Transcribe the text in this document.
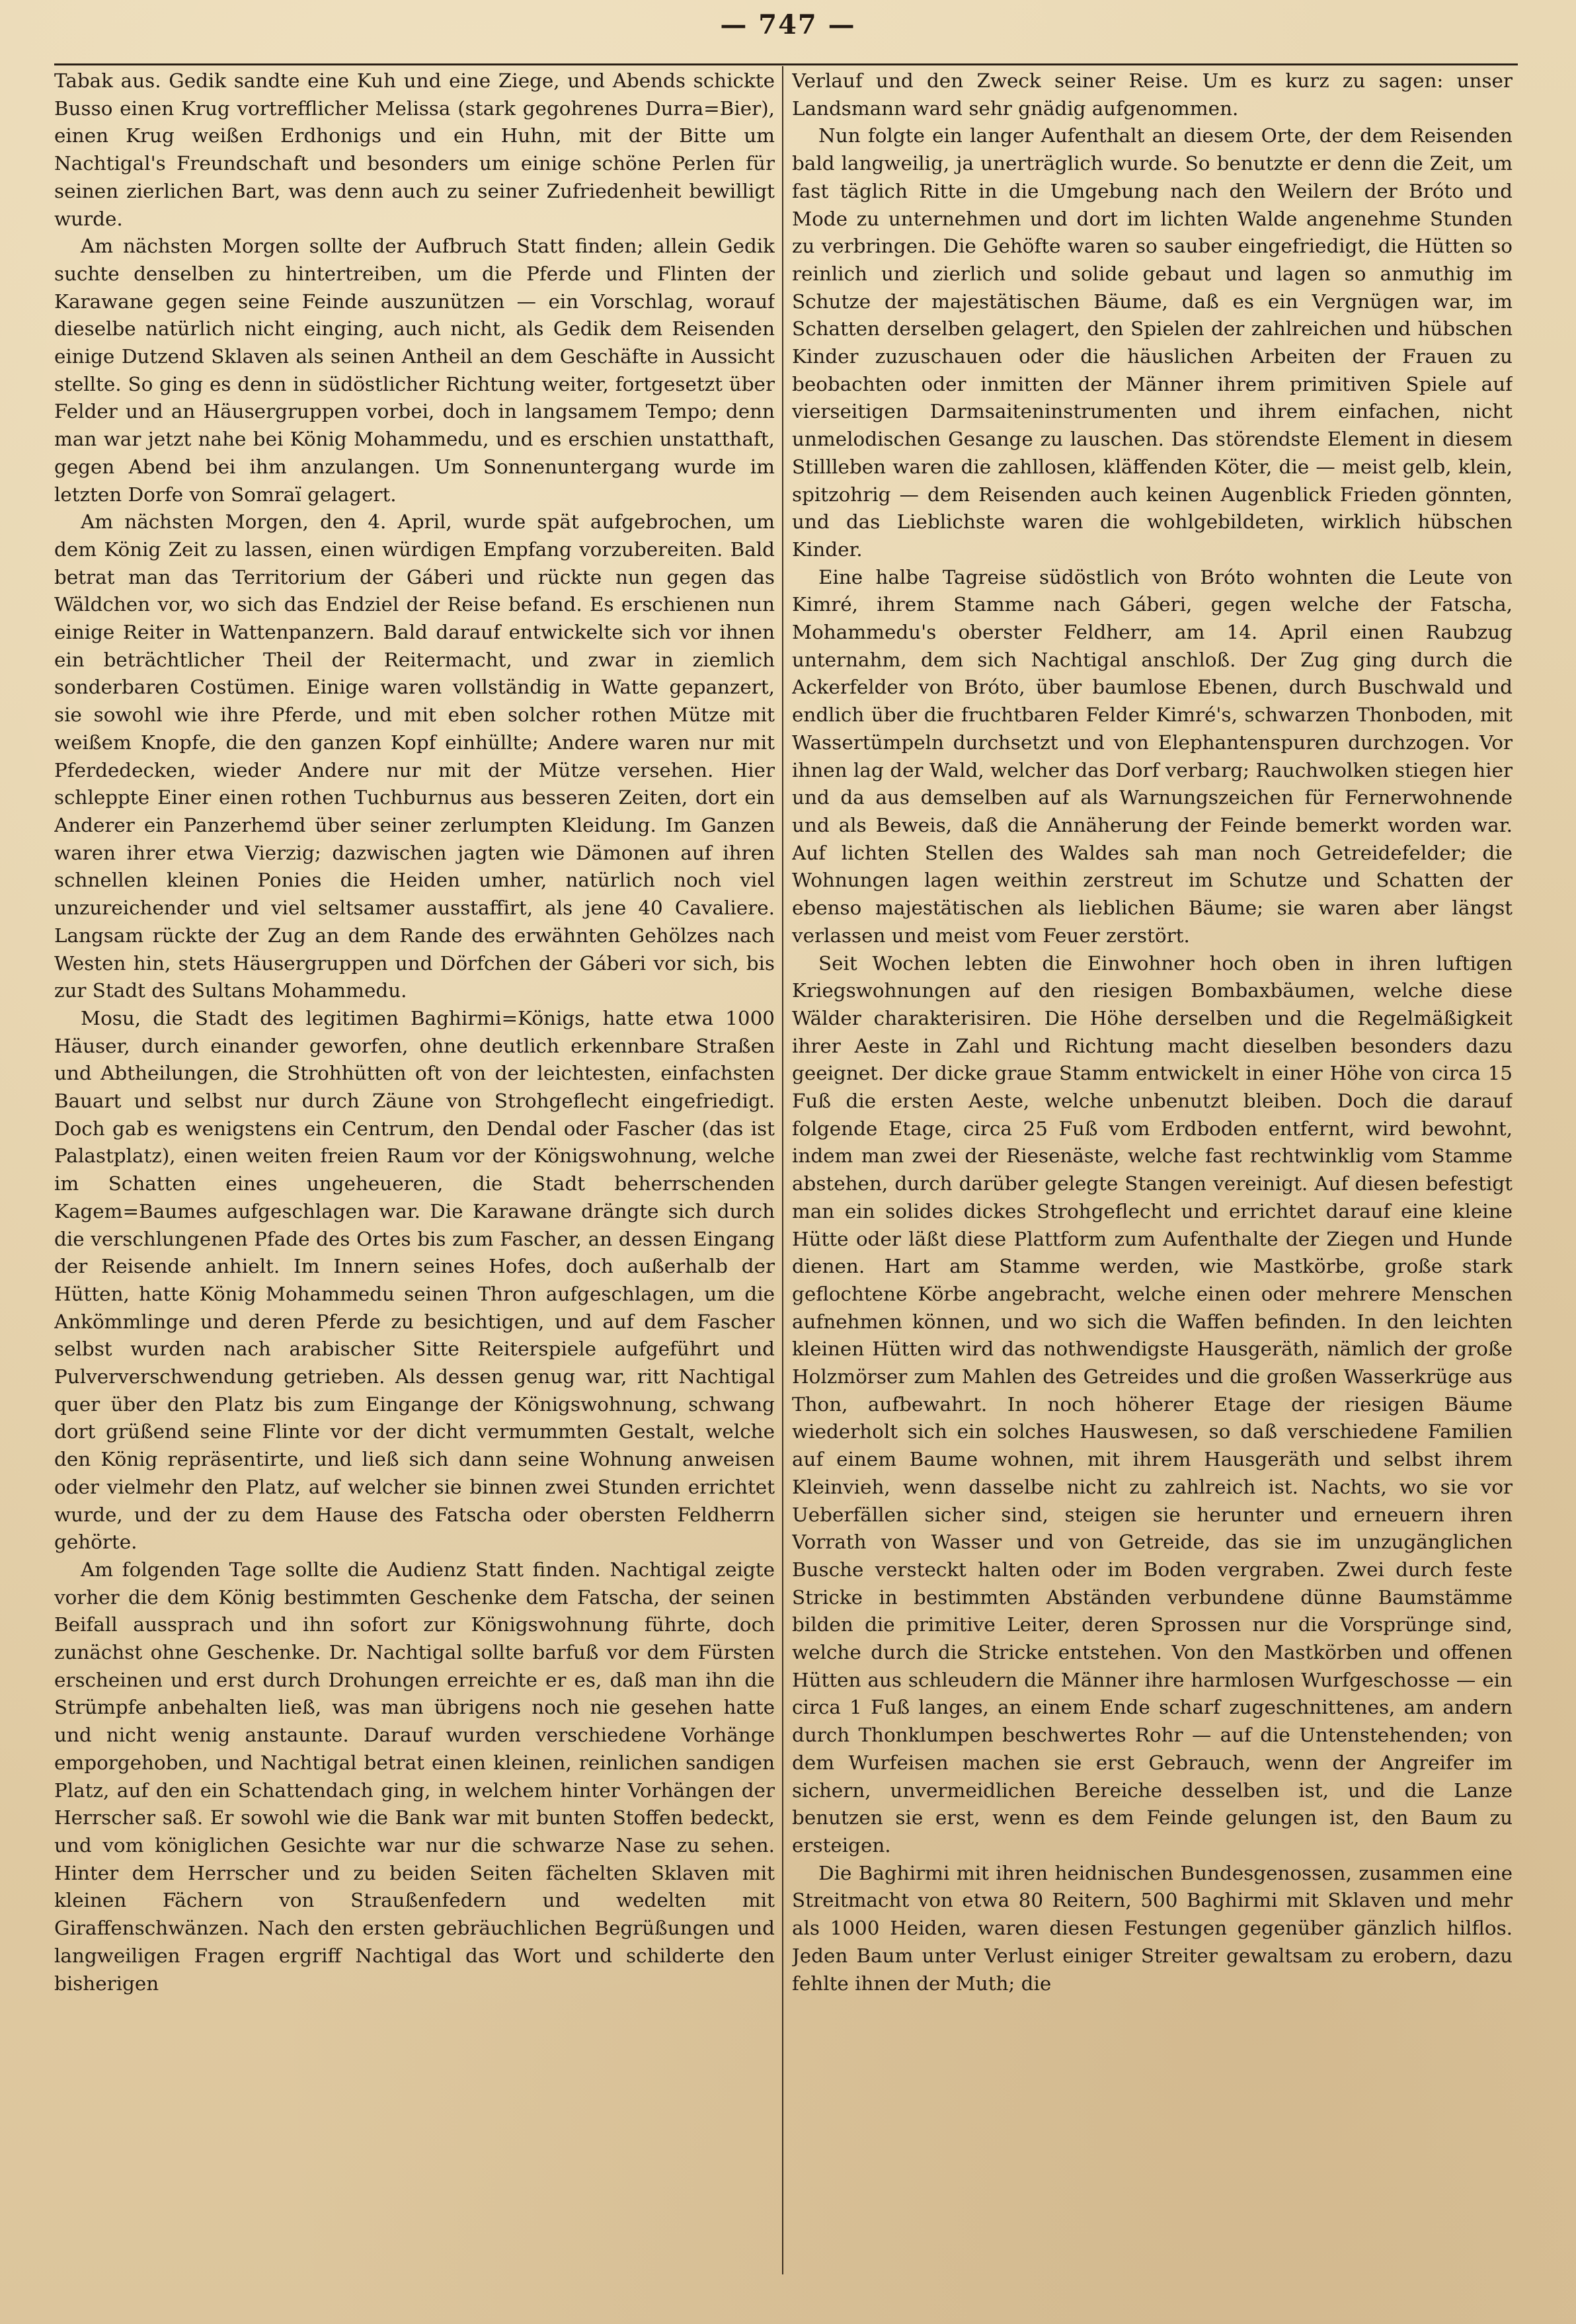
— 747 —

Tabak aus. Gedik sandte eine Kuh und eine Ziege, und Abends schickte Busso einen Krug vortrefflicher Melissa (stark gegohrenes Durra=Bier), einen Krug weißen Erdhonigs und ein Huhn, mit der Bitte um Nachtigal's Freundschaft und besonders um einige schöne Perlen für seinen zierlichen Bart, was denn auch zu seiner Zufriedenheit bewilligt wurde.

Am nächsten Morgen sollte der Aufbruch Statt finden; allein Gedik suchte denselben zu hintertreiben, um die Pferde und Flinten der Karawane gegen seine Feinde auszunützen — ein Vorschlag, worauf dieselbe natürlich nicht einging, auch nicht, als Gedik dem Reisenden einige Dutzend Sklaven als seinen Antheil an dem Geschäfte in Aussicht stellte. So ging es denn in südöstlicher Richtung weiter, fortgesetzt über Felder und an Häusergruppen vorbei, doch in langsamem Tempo; denn man war jetzt nahe bei König Mohammedu, und es erschien unstatthaft, gegen Abend bei ihm anzulangen. Um Sonnenuntergang wurde im letzten Dorfe von Somraï gelagert.

Am nächsten Morgen, den 4. April, wurde spät aufgebrochen, um dem König Zeit zu lassen, einen würdigen Empfang vorzubereiten. Bald betrat man das Territorium der Gáberi und rückte nun gegen das Wäldchen vor, wo sich das Endziel der Reise befand. Es erschienen nun einige Reiter in Wattenpanzern. Bald darauf entwickelte sich vor ihnen ein beträchtlicher Theil der Reitermacht, und zwar in ziemlich sonderbaren Costümen. Einige waren vollständig in Watte gepanzert, sie sowohl wie ihre Pferde, und mit eben solcher rothen Mütze mit weißem Knopfe, die den ganzen Kopf einhüllte; Andere waren nur mit Pferdedecken, wieder Andere nur mit der Mütze versehen. Hier schleppte Einer einen rothen Tuchburnus aus besseren Zeiten, dort ein Anderer ein Panzerhemd über seiner zerlumpten Kleidung. Im Ganzen waren ihrer etwa Vierzig; dazwischen jagten wie Dämonen auf ihren schnellen kleinen Ponies die Heiden umher, natürlich noch viel unzureichender und viel seltsamer ausstaffirt, als jene 40 Cavaliere. Langsam rückte der Zug an dem Rande des erwähnten Gehölzes nach Westen hin, stets Häusergruppen und Dörfchen der Gáberi vor sich, bis zur Stadt des Sultans Mohammedu.

Mosu, die Stadt des legitimen Baghirmi=Königs, hatte etwa 1000 Häuser, durch einander geworfen, ohne deutlich erkennbare Straßen und Abtheilungen, die Strohhütten oft von der leichtesten, einfachsten Bauart und selbst nur durch Zäune von Strohgeflecht eingefriedigt. Doch gab es wenigstens ein Centrum, den Dendal oder Fascher (das ist Palastplatz), einen weiten freien Raum vor der Königswohnung, welche im Schatten eines ungeheueren, die Stadt beherrschenden Kagem=Baumes aufgeschlagen war. Die Karawane drängte sich durch die verschlungenen Pfade des Ortes bis zum Fascher, an dessen Eingang der Reisende anhielt. Im Innern seines Hofes, doch außerhalb der Hütten, hatte König Mohammedu seinen Thron aufgeschlagen, um die Ankömmlinge und deren Pferde zu besichtigen, und auf dem Fascher selbst wurden nach arabischer Sitte Reiterspiele aufgeführt und Pulververschwendung getrieben. Als dessen genug war, ritt Nachtigal quer über den Platz bis zum Eingange der Königswohnung, schwang dort grüßend seine Flinte vor der dicht vermummten Gestalt, welche den König repräsentirte, und ließ sich dann seine Wohnung anweisen oder vielmehr den Platz, auf welcher sie binnen zwei Stunden errichtet wurde, und der zu dem Hause des Fatscha oder obersten Feldherrn gehörte.

Am folgenden Tage sollte die Audienz Statt finden. Nachtigal zeigte vorher die dem König bestimmten Geschenke dem Fatscha, der seinen Beifall aussprach und ihn sofort zur Königswohnung führte, doch zunächst ohne Geschenke. Dr. Nachtigal sollte barfuß vor dem Fürsten erscheinen und erst durch Drohungen erreichte er es, daß man ihn die Strümpfe anbehalten ließ, was man übrigens noch nie gesehen hatte und nicht wenig anstaunte. Darauf wurden verschiedene Vorhänge emporgehoben, und Nachtigal betrat einen kleinen, reinlichen sandigen Platz, auf den ein Schattendach ging, in welchem hinter Vorhängen der Herrscher saß. Er sowohl wie die Bank war mit bunten Stoffen bedeckt, und vom königlichen Gesichte war nur die schwarze Nase zu sehen. Hinter dem Herrscher und zu beiden Seiten fächelten Sklaven mit kleinen Fächern von Straußenfedern und wedelten mit Giraffenschwänzen. Nach den ersten gebräuchlichen Begrüßungen und langweiligen Fragen ergriff Nachtigal das Wort und schilderte den bisherigen

Verlauf und den Zweck seiner Reise. Um es kurz zu sagen: unser Landsmann ward sehr gnädig aufgenommen.

Nun folgte ein langer Aufenthalt an diesem Orte, der dem Reisenden bald langweilig, ja unerträglich wurde. So benutzte er denn die Zeit, um fast täglich Ritte in die Umgebung nach den Weilern der Bróto und Mode zu unternehmen und dort im lichten Walde angenehme Stunden zu verbringen. Die Gehöfte waren so sauber eingefriedigt, die Hütten so reinlich und zierlich und solide gebaut und lagen so anmuthig im Schutze der majestätischen Bäume, daß es ein Vergnügen war, im Schatten derselben gelagert, den Spielen der zahlreichen und hübschen Kinder zuzuschauen oder die häuslichen Arbeiten der Frauen zu beobachten oder inmitten der Männer ihrem primitiven Spiele auf vierseitigen Darmsaiteninstrumenten und ihrem einfachen, nicht unmelodischen Gesange zu lauschen. Das störendste Element in diesem Stillleben waren die zahllosen, kläffenden Köter, die — meist gelb, klein, spitzohrig — dem Reisenden auch keinen Augenblick Frieden gönnten, und das Lieblichste waren die wohlgebildeten, wirklich hübschen Kinder.

Eine halbe Tagreise südöstlich von Bróto wohnten die Leute von Kimré, ihrem Stamme nach Gáberi, gegen welche der Fatscha, Mohammedu's oberster Feldherr, am 14. April einen Raubzug unternahm, dem sich Nachtigal anschloß. Der Zug ging durch die Ackerfelder von Bróto, über baumlose Ebenen, durch Buschwald und endlich über die fruchtbaren Felder Kimré's, schwarzen Thonboden, mit Wassertümpeln durchsetzt und von Elephantenspuren durchzogen. Vor ihnen lag der Wald, welcher das Dorf verbarg; Rauchwolken stiegen hier und da aus demselben auf als Warnungszeichen für Fernerwohnende und als Beweis, daß die Annäherung der Feinde bemerkt worden war. Auf lichten Stellen des Waldes sah man noch Getreidefelder; die Wohnungen lagen weithin zerstreut im Schutze und Schatten der ebenso majestätischen als lieblichen Bäume; sie waren aber längst verlassen und meist vom Feuer zerstört.

Seit Wochen lebten die Einwohner hoch oben in ihren luftigen Kriegswohnungen auf den riesigen Bombaxbäumen, welche diese Wälder charakterisiren. Die Höhe derselben und die Regelmäßigkeit ihrer Aeste in Zahl und Richtung macht dieselben besonders dazu geeignet. Der dicke graue Stamm entwickelt in einer Höhe von circa 15 Fuß die ersten Aeste, welche unbenutzt bleiben. Doch die darauf folgende Etage, circa 25 Fuß vom Erdboden entfernt, wird bewohnt, indem man zwei der Riesenäste, welche fast rechtwinklig vom Stamme abstehen, durch darüber gelegte Stangen vereinigt. Auf diesen befestigt man ein solides dickes Strohgeflecht und errichtet darauf eine kleine Hütte oder läßt diese Plattform zum Aufenthalte der Ziegen und Hunde dienen. Hart am Stamme werden, wie Mastkörbe, große stark geflochtene Körbe angebracht, welche einen oder mehrere Menschen aufnehmen können, und wo sich die Waffen befinden. In den leichten kleinen Hütten wird das nothwendigste Hausgeräth, nämlich der große Holzmörser zum Mahlen des Getreides und die großen Wasserkrüge aus Thon, aufbewahrt. In noch höherer Etage der riesigen Bäume wiederholt sich ein solches Hauswesen, so daß verschiedene Familien auf einem Baume wohnen, mit ihrem Hausgeräth und selbst ihrem Kleinvieh, wenn dasselbe nicht zu zahlreich ist. Nachts, wo sie vor Ueberfällen sicher sind, steigen sie herunter und erneuern ihren Vorrath von Wasser und von Getreide, das sie im unzugänglichen Busche versteckt halten oder im Boden vergraben. Zwei durch feste Stricke in bestimmten Abständen verbundene dünne Baumstämme bilden die primitive Leiter, deren Sprossen nur die Vorsprünge sind, welche durch die Stricke entstehen. Von den Mastkörben und offenen Hütten aus schleudern die Männer ihre harmlosen Wurfgeschosse — ein circa 1 Fuß langes, an einem Ende scharf zugeschnittenes, am andern durch Thonklumpen beschwertes Rohr — auf die Untenstehenden; von dem Wurfeisen machen sie erst Gebrauch, wenn der Angreifer im sichern, unvermeidlichen Bereiche desselben ist, und die Lanze benutzen sie erst, wenn es dem Feinde gelungen ist, den Baum zu ersteigen.

Die Baghirmi mit ihren heidnischen Bundesgenossen, zusammen eine Streitmacht von etwa 80 Reitern, 500 Baghirmi mit Sklaven und mehr als 1000 Heiden, waren diesen Festungen gegenüber gänzlich hilflos. Jeden Baum unter Verlust einiger Streiter gewaltsam zu erobern, dazu fehlte ihnen der Muth; die
